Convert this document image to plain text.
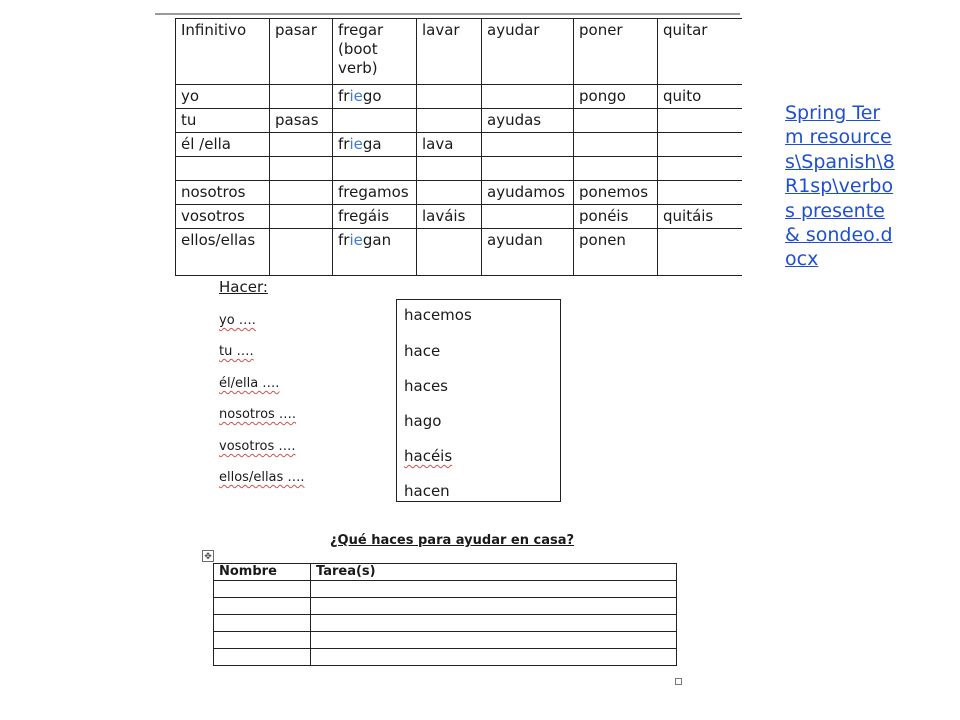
Infinitivo	pasar	fregar (boot verb)	lavar	ayudar	poner	quitar
yo		friego			pongo	quito
tu	pasas			ayudas		
él /ella		friega	lava			

nosotros		fregamos		ayudamos	ponemos	
vosotros		fregáis	laváis		ponéis	quitáis
ellos/ellas		friegan		ayudan	ponen	
Hacer:
yo ….
tu ….
él/ella ….
nosotros ….
vosotros ….
ellos/ellas ….
hacemos
hace
haces
hago
hacéis
hacen
¿Qué haces para ayudar en casa?
✥
Nombre	Tarea(s)

Spring Term resources\Spanish\8R1sp\verbos presente & sondeo.docx
